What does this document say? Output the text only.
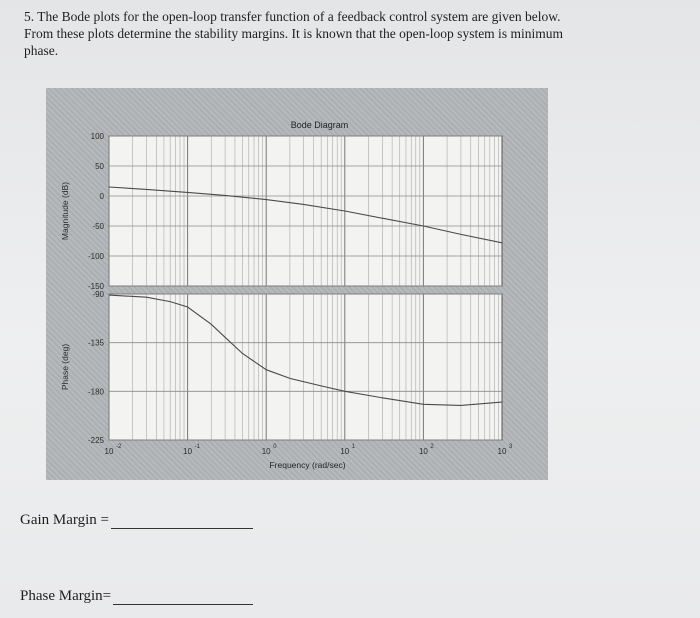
5. The Bode plots for the open-loop transfer function of a feedback control system are given below.
From these plots determine the stability margins. It is known that the open-loop system is minimum
phase.
100
50
0
-50
-100
-150
Magnitude (dB)
-90
-135
-180
-225
Phase (deg)
10 -2	10 -1	10 0	10 1	10 2	10 3
Bode Diagram
Frequency (rad/sec)
Gain Margin =
Phase Margin=
